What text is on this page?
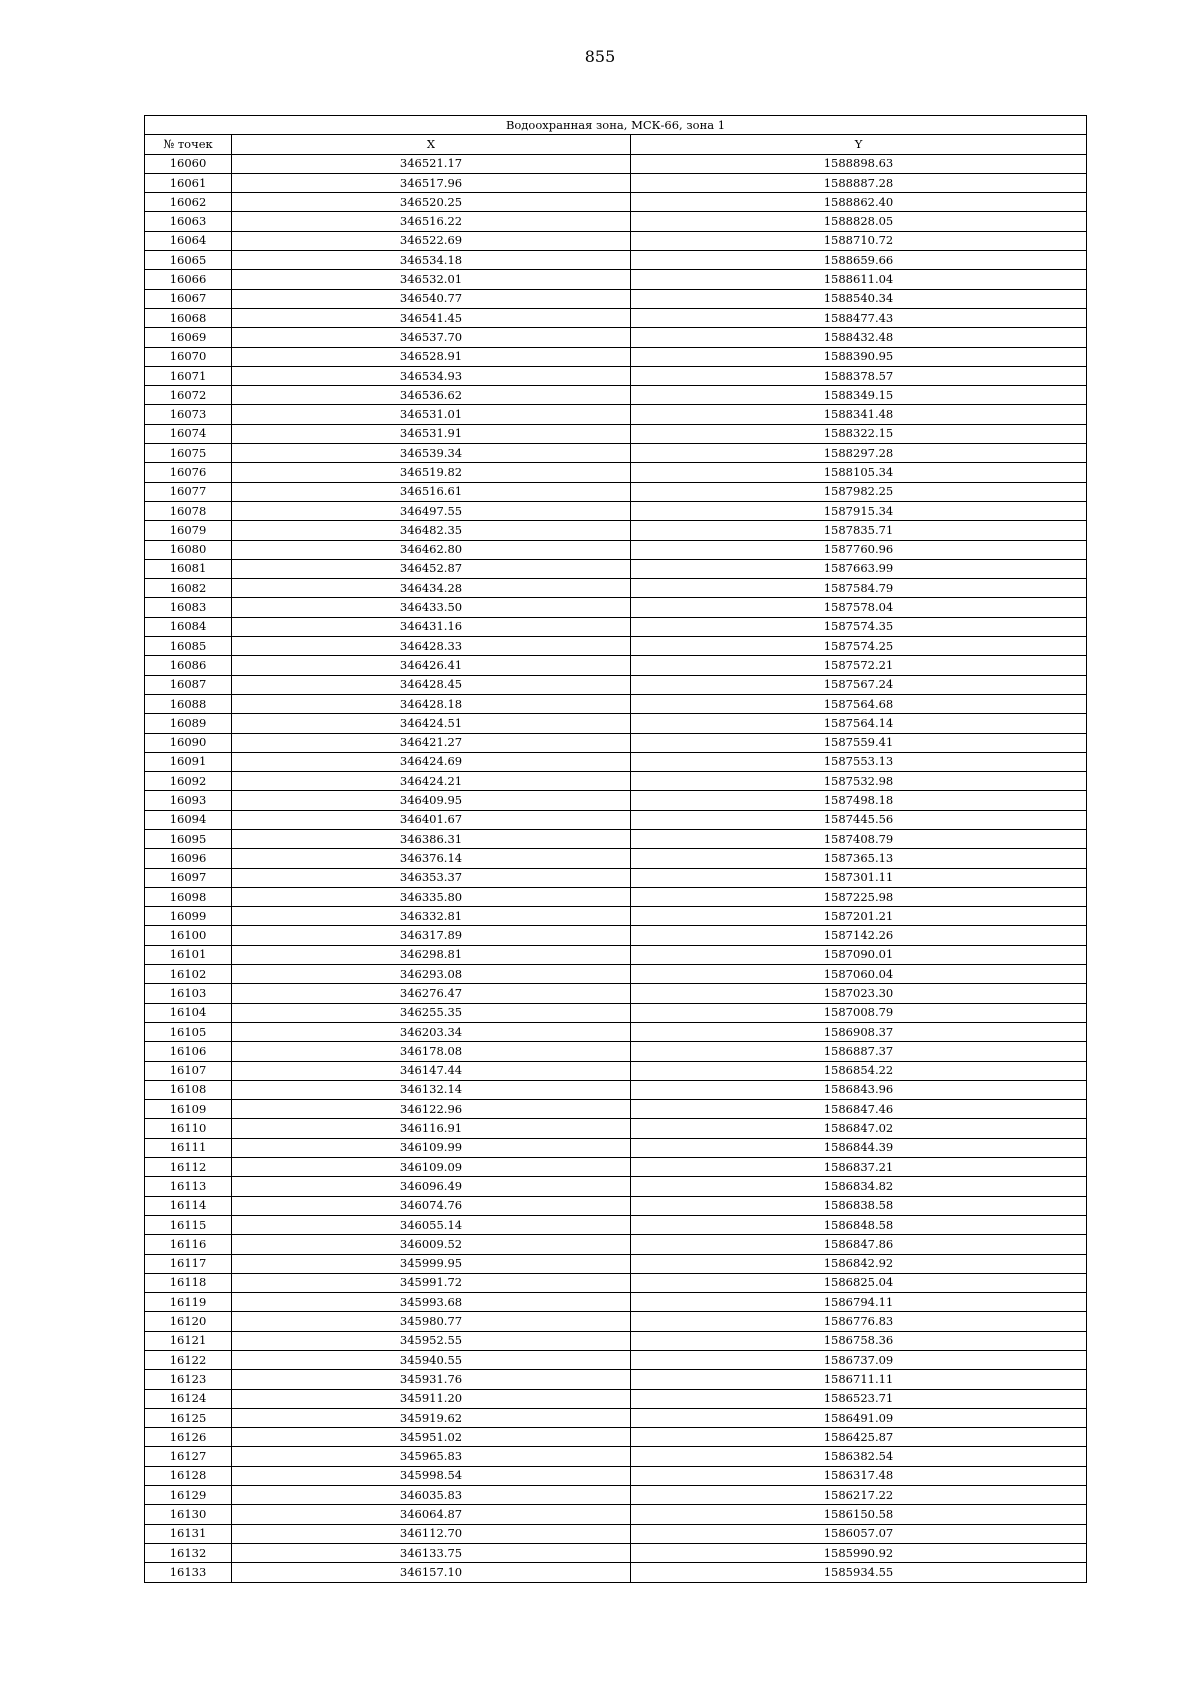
855
Водоохранная зона, МСК-66, зона 1		
№ точек	X	Y
16060	346521.17	1588898.63
16061	346517.96	1588887.28
16062	346520.25	1588862.40
16063	346516.22	1588828.05
16064	346522.69	1588710.72
16065	346534.18	1588659.66
16066	346532.01	1588611.04
16067	346540.77	1588540.34
16068	346541.45	1588477.43
16069	346537.70	1588432.48
16070	346528.91	1588390.95
16071	346534.93	1588378.57
16072	346536.62	1588349.15
16073	346531.01	1588341.48
16074	346531.91	1588322.15
16075	346539.34	1588297.28
16076	346519.82	1588105.34
16077	346516.61	1587982.25
16078	346497.55	1587915.34
16079	346482.35	1587835.71
16080	346462.80	1587760.96
16081	346452.87	1587663.99
16082	346434.28	1587584.79
16083	346433.50	1587578.04
16084	346431.16	1587574.35
16085	346428.33	1587574.25
16086	346426.41	1587572.21
16087	346428.45	1587567.24
16088	346428.18	1587564.68
16089	346424.51	1587564.14
16090	346421.27	1587559.41
16091	346424.69	1587553.13
16092	346424.21	1587532.98
16093	346409.95	1587498.18
16094	346401.67	1587445.56
16095	346386.31	1587408.79
16096	346376.14	1587365.13
16097	346353.37	1587301.11
16098	346335.80	1587225.98
16099	346332.81	1587201.21
16100	346317.89	1587142.26
16101	346298.81	1587090.01
16102	346293.08	1587060.04
16103	346276.47	1587023.30
16104	346255.35	1587008.79
16105	346203.34	1586908.37
16106	346178.08	1586887.37
16107	346147.44	1586854.22
16108	346132.14	1586843.96
16109	346122.96	1586847.46
16110	346116.91	1586847.02
16111	346109.99	1586844.39
16112	346109.09	1586837.21
16113	346096.49	1586834.82
16114	346074.76	1586838.58
16115	346055.14	1586848.58
16116	346009.52	1586847.86
16117	345999.95	1586842.92
16118	345991.72	1586825.04
16119	345993.68	1586794.11
16120	345980.77	1586776.83
16121	345952.55	1586758.36
16122	345940.55	1586737.09
16123	345931.76	1586711.11
16124	345911.20	1586523.71
16125	345919.62	1586491.09
16126	345951.02	1586425.87
16127	345965.83	1586382.54
16128	345998.54	1586317.48
16129	346035.83	1586217.22
16130	346064.87	1586150.58
16131	346112.70	1586057.07
16132	346133.75	1585990.92
16133	346157.10	1585934.55
